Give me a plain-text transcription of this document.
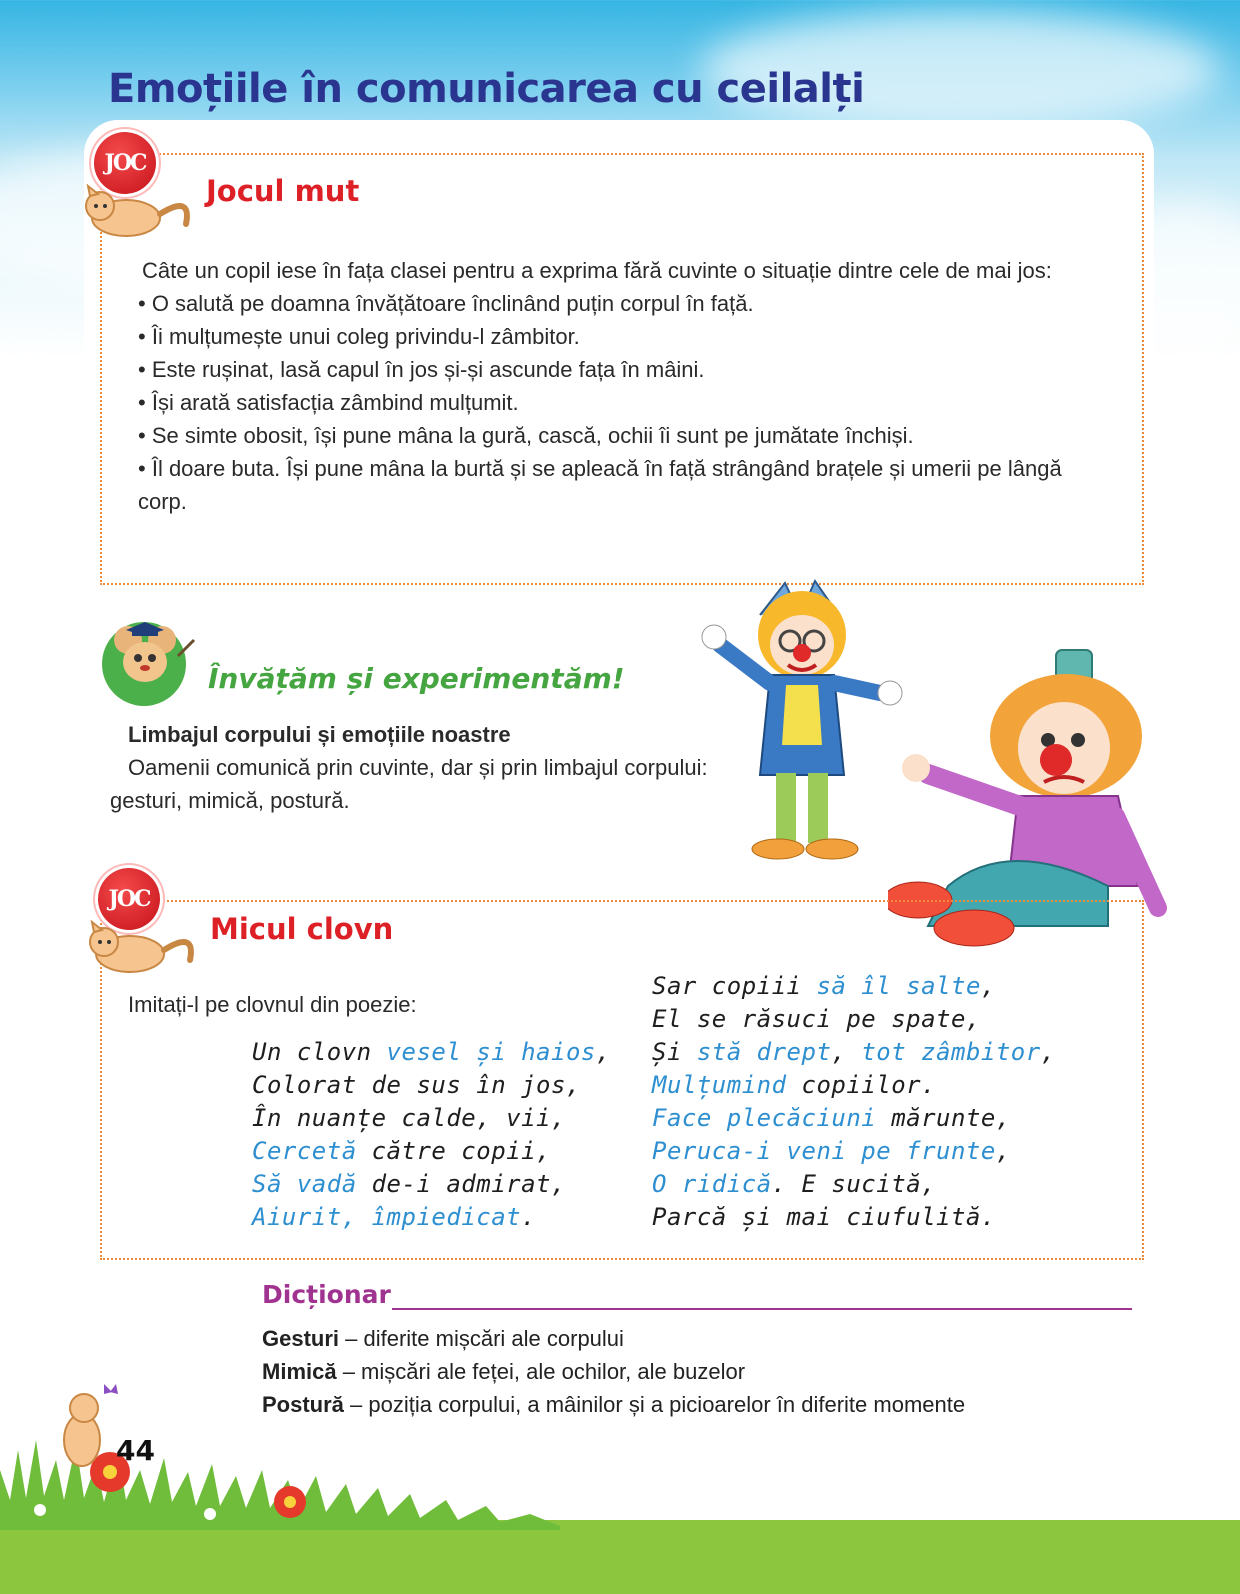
Emoțiile în comunicarea cu ceilalți
JOC
Jocul mut

Câte un copil iese în fața clasei pentru a exprima fără cuvinte o situație dintre cele de mai jos:

• O salută pe doamna învățătoare înclinând puțin corpul în față.

• Îi mulțumește unui coleg privindu-l zâmbitor.

• Este rușinat, lasă capul în jos și-și ascunde fața în mâini.

• Își arată satisfacția zâmbind mulțumit.

• Se simte obosit, își pune mâna la gură, cască, ochii îi sunt pe jumătate închiși.

• Îl doare buta. Își pune mâna la burtă și se apleacă în față strângând brațele și umerii pe lângă corp.

Învățăm și experimentăm!

Limbajul corpului și emoțiile noastre

Oamenii comunică prin cuvinte, dar și prin limbajul corpului: gesturi, mimică, postură.

JOC
Micul clovn
Imitați-l pe clovnul din poezie:
Un clovn vesel și haios,
Colorat de sus în jos,
În nuanțe calde, vii,
Cercetă către copii,
Să vadă de-i admirat,
Aiurit, împiedicat.
Sar copiii să îl salte,
El se răsuci pe spate,
Și stă drept, tot zâmbitor,
Mulțumind copiilor.
Face plecăciuni mărunte,
Peruca-i veni pe frunte,
O ridică. E sucită,
Parcă și mai ciufulită.
Dicționar

Gesturi – diferite mișcări ale corpului

Mimică – mișcări ale feței, ale ochilor, ale buzelor

Postură – poziția corpului, a mâinilor și a picioarelor în diferite momente

44
